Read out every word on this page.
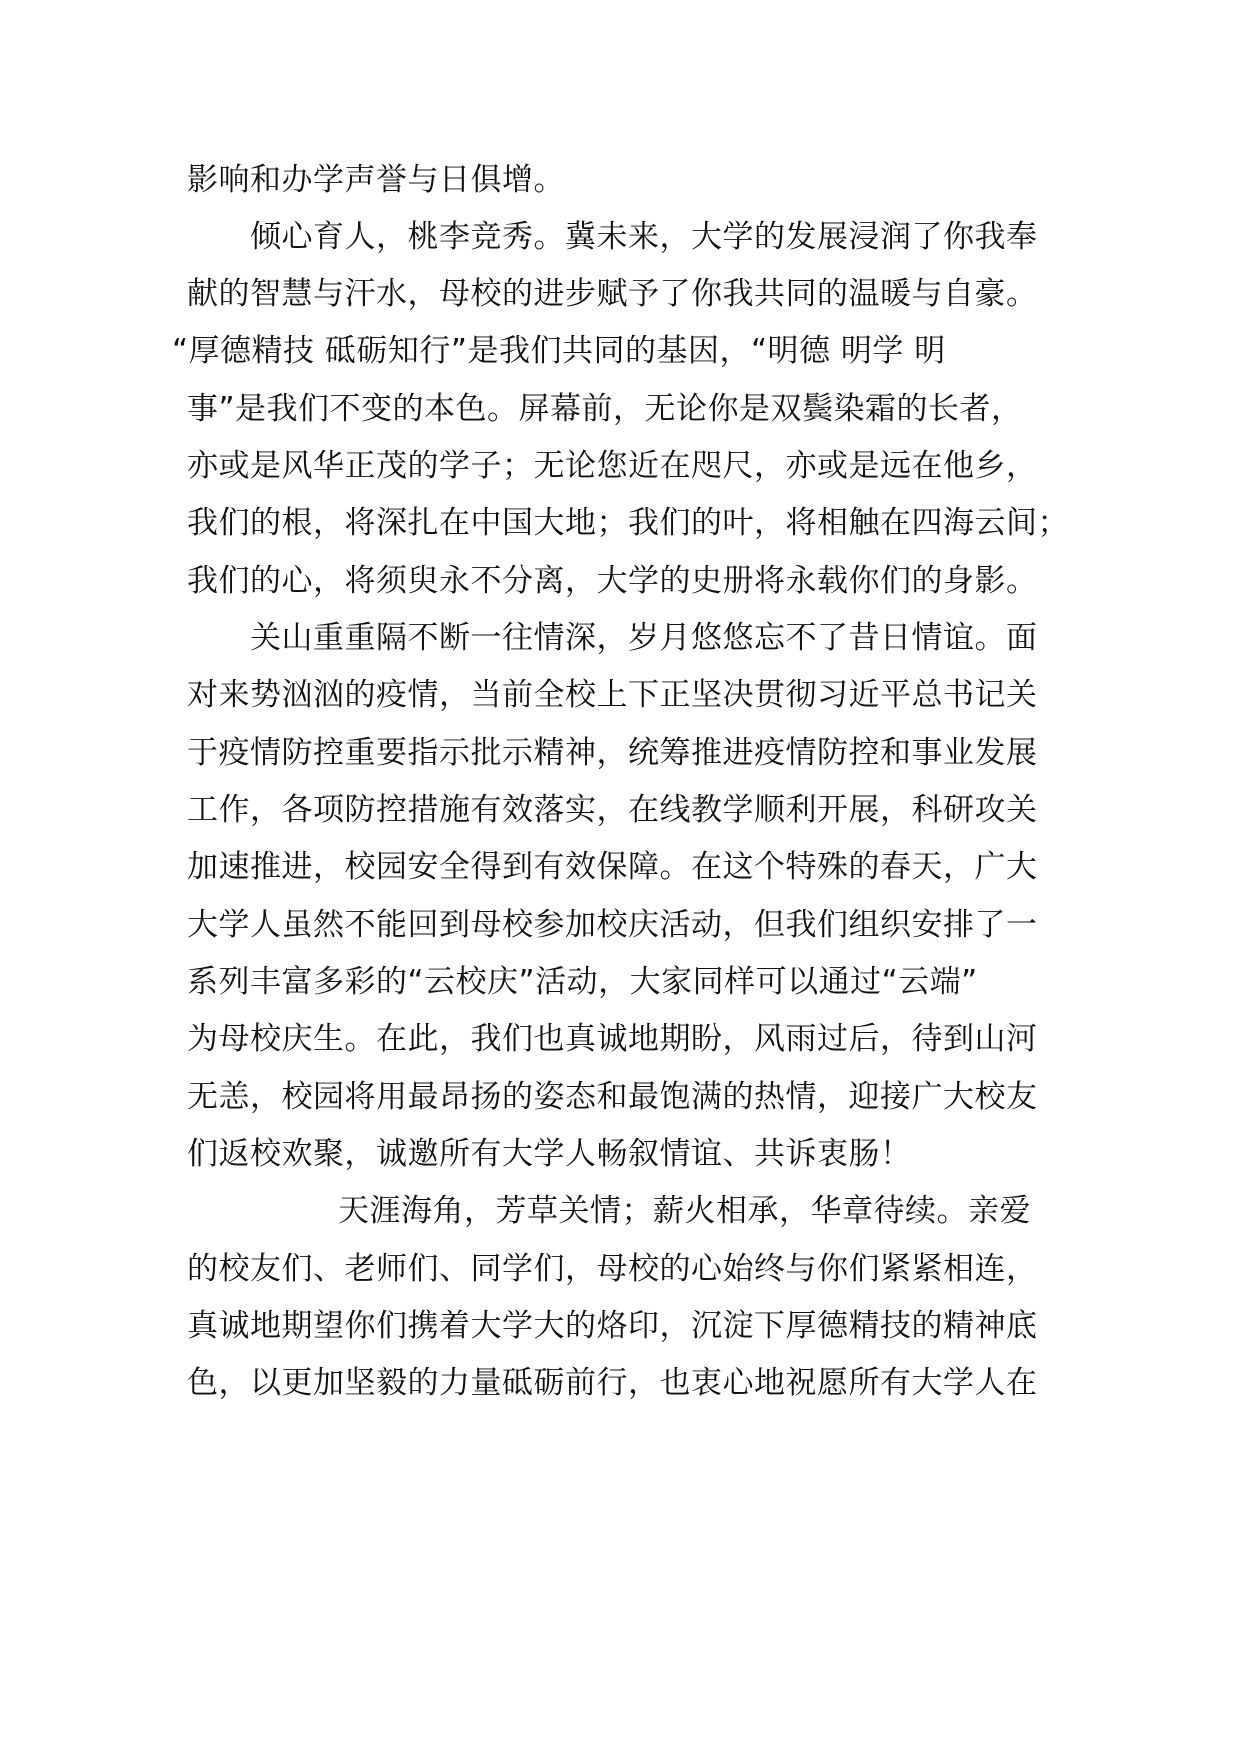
影响和办学声誉与日俱增。
倾心育人，桃李竞秀。冀未来，大学的发展浸润了你我奉
献的智慧与汗水，母校的进步赋予了你我共同的温暖与自豪。
“厚德精技 砥砺知行”是我们共同的基因，“明德 明学 明
事”是我们不变的本色。屏幕前，无论你是双鬓染霜的长者，
亦或是风华正茂的学子；无论您近在咫尺，亦或是远在他乡，
我们的根，将深扎在中国大地；我们的叶，将相触在四海云间；
我们的心，将须臾永不分离，大学的史册将永载你们的身影。
关山重重隔不断一往情深，岁月悠悠忘不了昔日情谊。面
对来势汹汹的疫情，当前全校上下正坚决贯彻习近平总书记关
于疫情防控重要指示批示精神，统筹推进疫情防控和事业发展
工作，各项防控措施有效落实，在线教学顺利开展，科研攻关
加速推进，校园安全得到有效保障。在这个特殊的春天，广大
大学人虽然不能回到母校参加校庆活动，但我们组织安排了一
系列丰富多彩的“云校庆”活动，大家同样可以通过“云端”
为母校庆生。在此，我们也真诚地期盼，风雨过后，待到山河
无恙，校园将用最昂扬的姿态和最饱满的热情，迎接广大校友
们返校欢聚，诚邀所有大学人畅叙情谊、共诉衷肠！
天涯海角，芳草关情；薪火相承，华章待续。亲爱
的校友们、老师们、同学们，母校的心始终与你们紧紧相连，
真诚地期望你们携着大学大的烙印，沉淀下厚德精技的精神底
色，以更加坚毅的力量砥砺前行，也衷心地祝愿所有大学人在
